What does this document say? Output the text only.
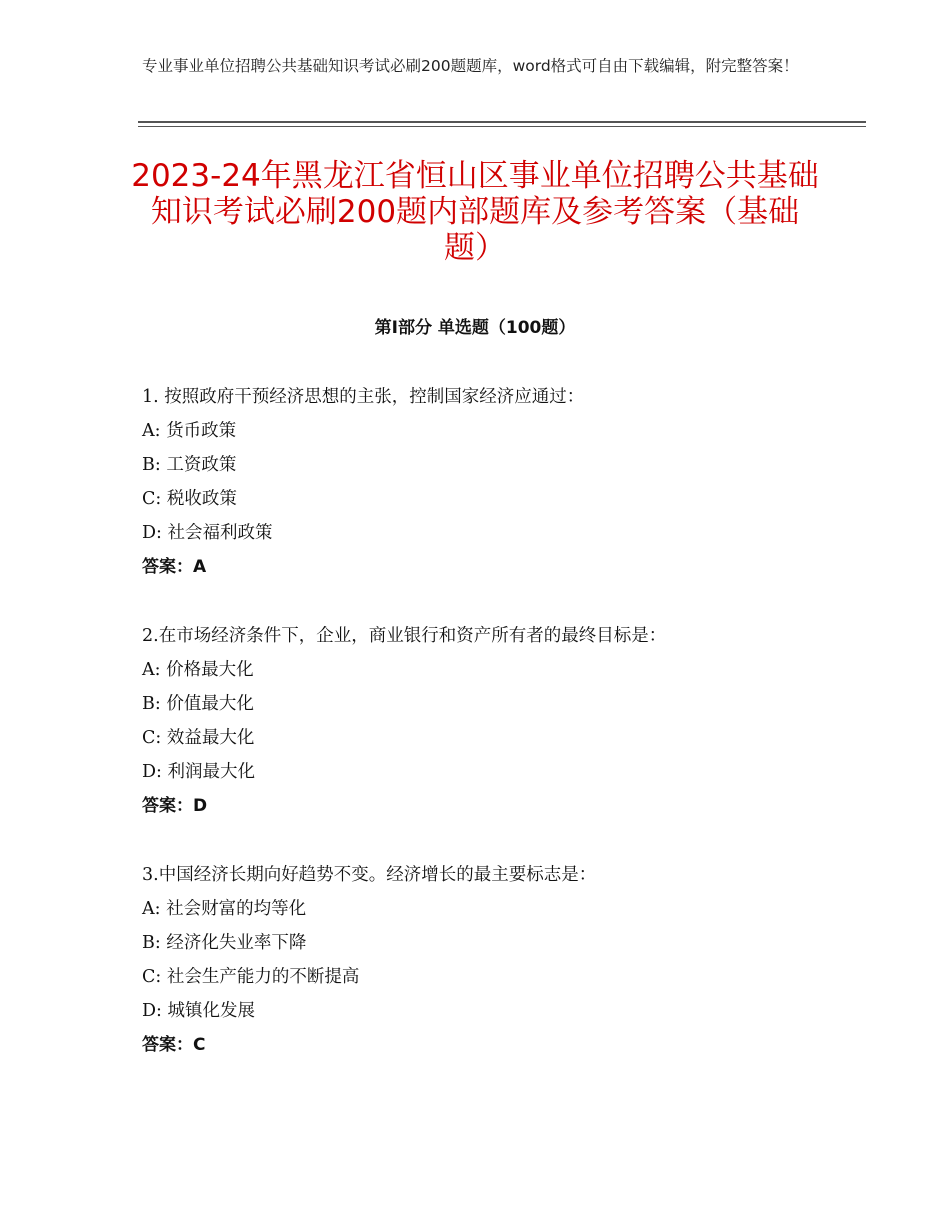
专业事业单位招聘公共基础知识考试必刷200题题库，word格式可自由下载编辑，附完整答案！
2023-24年黑龙江省恒山区事业单位招聘公共基础知识考试必刷200题内部题库及参考答案（基础题）
第Ⅰ部分 单选题（100题）
1. 按照政府干预经济思想的主张，控制国家经济应通过：
A: 货币政策
B: 工资政策
C: 税收政策
D: 社会福利政策
答案：A
2.在市场经济条件下，企业，商业银行和资产所有者的最终目标是：
A: 价格最大化
B: 价值最大化
C: 效益最大化
D: 利润最大化
答案：D
3.中国经济长期向好趋势不变。经济增长的最主要标志是：
A: 社会财富的均等化
B: 经济化失业率下降
C: 社会生产能力的不断提高
D: 城镇化发展
答案：C
